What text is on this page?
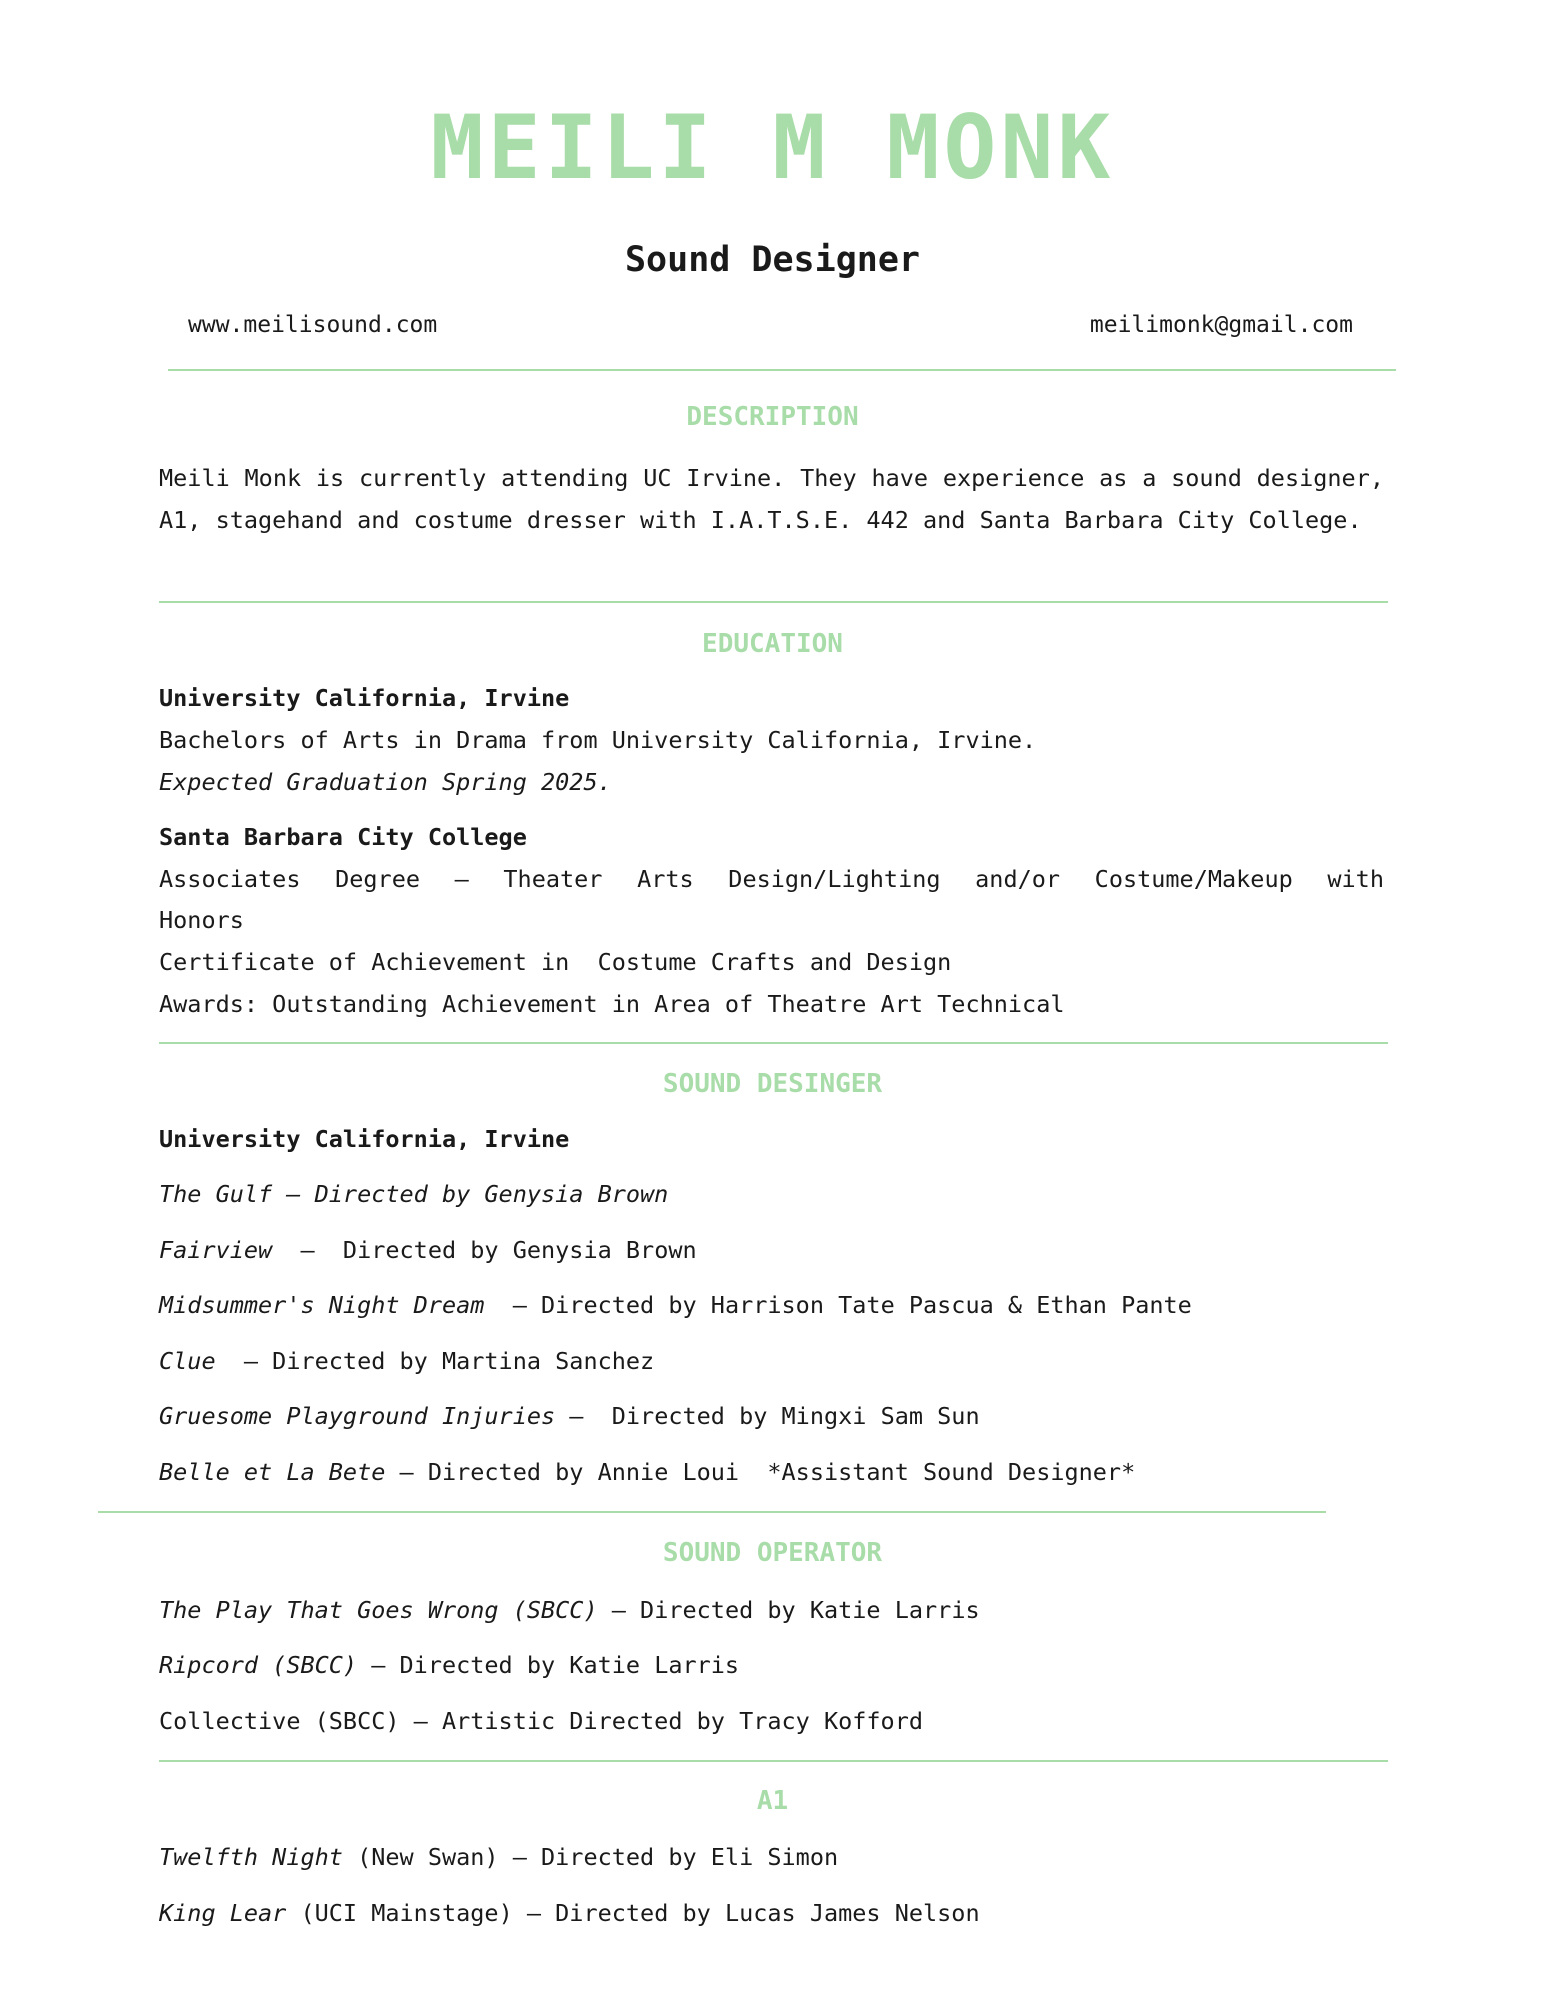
MEILI M MONK
Sound Designer
www.meilisound.com	meilimonk@gmail.com
DESCRIPTION
Meili Monk is currently attending UC Irvine. They have experience as a sound designer, A1, stagehand and costume dresser with I.A.T.S.E. 442 and Santa Barbara City College.
EDUCATION
University California, Irvine
Bachelors of Arts in Drama from University California, Irvine.
Expected Graduation Spring 2025.
Santa Barbara City College
Associates Degree – Theater Arts Design/Lighting and/or Costume/Makeup with
Honors
Certificate of Achievement in  Costume Crafts and Design
Awards: Outstanding Achievement in Area of Theatre Art Technical
SOUND DESINGER
University California, Irvine
The Gulf – Directed by Genysia Brown
Fairview  –  Directed by Genysia Brown
Midsummer's Night Dream  – Directed by Harrison Tate Pascua & Ethan Pante
Clue  – Directed by Martina Sanchez
Gruesome Playground Injuries –  Directed by Mingxi Sam Sun
Belle et La Bete – Directed by Annie Loui  *Assistant Sound Designer*
SOUND OPERATOR
The Play That Goes Wrong (SBCC) – Directed by Katie Larris
Ripcord (SBCC) – Directed by Katie Larris
Collective (SBCC) – Artistic Directed by Tracy Kofford
A1
Twelfth Night (New Swan) – Directed by Eli Simon
King Lear (UCI Mainstage) – Directed by Lucas James Nelson
